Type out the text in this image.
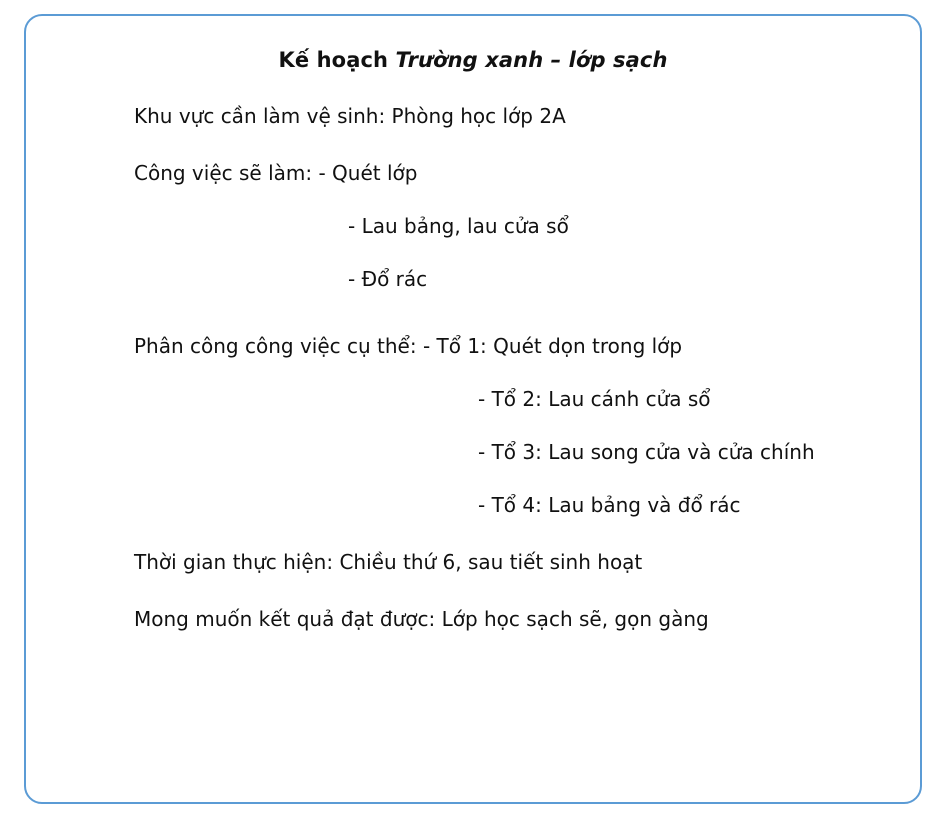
Kế hoạch Trường xanh – lớp sạch

Khu vực cần làm vệ sinh: Phòng học lớp 2A

Công việc sẽ làm: - Quét lớp

- Lau bảng, lau cửa sổ

- Đổ rác

Phân công công việc cụ thể: - Tổ 1: Quét dọn trong lớp

- Tổ 2: Lau cánh cửa sổ

- Tổ 3: Lau song cửa và cửa chính

- Tổ 4: Lau bảng và đổ rác

Thời gian thực hiện: Chiều thứ 6, sau tiết sinh hoạt

Mong muốn kết quả đạt được: Lớp học sạch sẽ, gọn gàng
